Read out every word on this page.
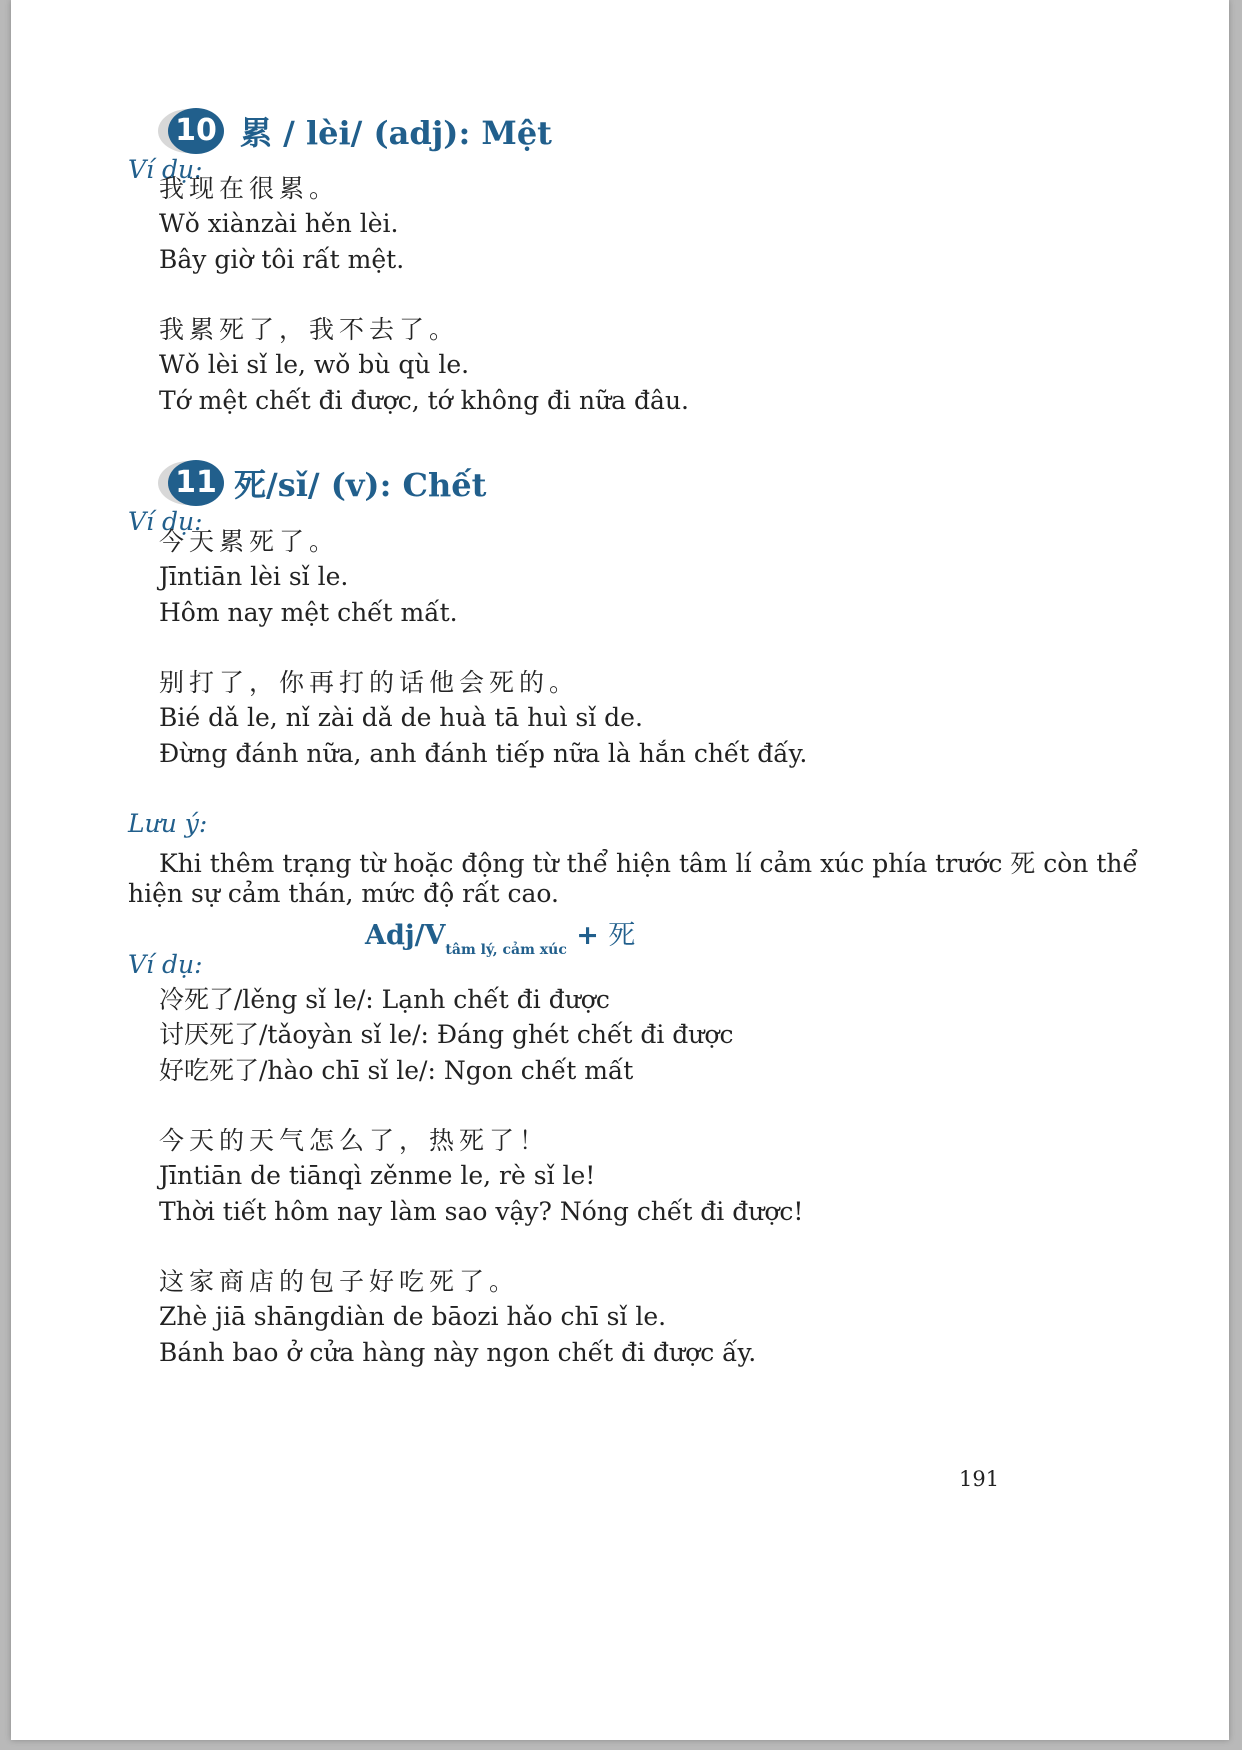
10 累 / lèi/ (adj): Mệt
Ví dụ:
我现在很累。
Wǒ xiànzài hěn lèi.
Bây giờ tôi rất mệt.
我累死了，我不去了。
Wǒ lèi sǐ le, wǒ bù qù le.
Tớ mệt chết đi được, tớ không đi nữa đâu.
11 死/sǐ/ (v): Chết
Ví dụ:
今天累死了。
Jīntiān lèi sǐ le.
Hôm nay mệt chết mất.
别打了，你再打的话他会死的。
Bié dǎ le, nǐ zài dǎ de huà tā huì sǐ de.
Đừng đánh nữa, anh đánh tiếp nữa là hắn chết đấy.
Lưu ý:
Khi thêm trạng từ hoặc động từ thể hiện tâm lí cảm xúc phía trước 死 còn thể
hiện sự cảm thán, mức độ rất cao.
Adj/$V_{tâm lý, cảm xúc}$ + 死
Ví dụ:
冷死了/lěng sǐ le/: Lạnh chết đi được
讨厌死了/tǎoyàn sǐ le/: Đáng ghét chết đi được
好吃死了/hào chī sǐ le/: Ngon chết mất
今天的天气怎么了，热死了！
Jīntiān de tiānqì zěnme le, rè sǐ le!
Thời tiết hôm nay làm sao vậy? Nóng chết đi được!
这家商店的包子好吃死了。
Zhè jiā shāngdiàn de bāozi hǎo chī sǐ le.
Bánh bao ở cửa hàng này ngon chết đi được ấy.
191
